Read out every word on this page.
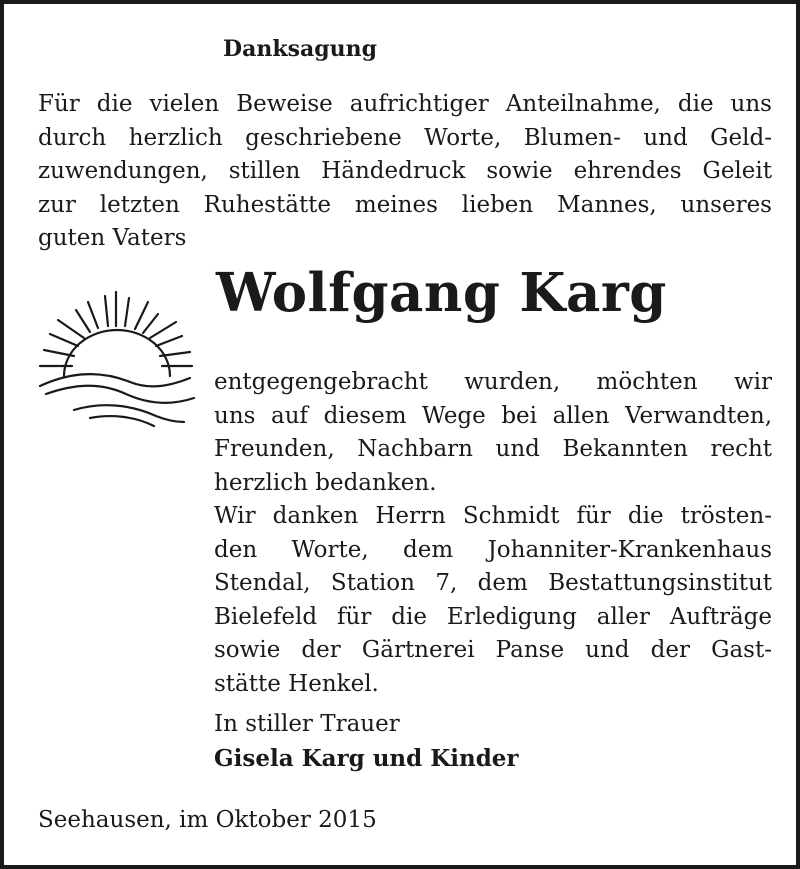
Danksagung
Für die vielen Beweise aufrichtiger Anteilnahme, die uns
durch herzlich geschriebene Worte, Blumen- und Geld-
zuwendungen, stillen Händedruck sowie ehrendes Geleit
zur letzten Ruhestätte meines lieben Mannes, unseres
guten Vaters
Wolfgang Karg
entgegengebracht wurden, möchten wir
uns auf diesem Wege bei allen Verwandten,
Freunden, Nachbarn und Bekannten recht
herzlich bedanken.
Wir danken Herrn Schmidt für die trösten-
den Worte, dem Johanniter-Krankenhaus
Stendal, Station 7, dem Bestattungsinstitut
Bielefeld für die Erledigung aller Aufträge
sowie der Gärtnerei Panse und der Gast-
stätte Henkel.
In stiller Trauer
Gisela Karg und Kinder
Seehausen, im Oktober 2015
